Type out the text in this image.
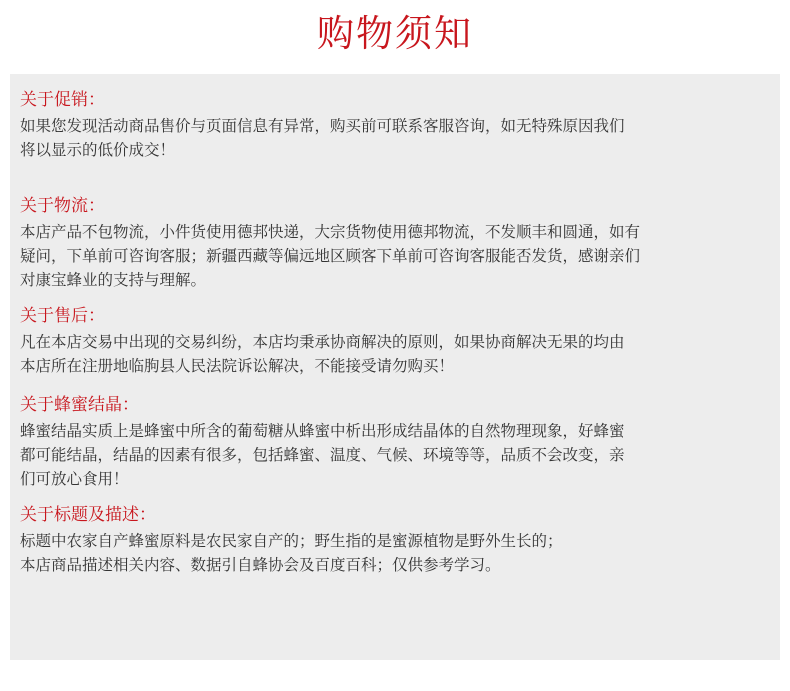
购物须知
关于促销：
如果您发现活动商品售价与页面信息有异常，购买前可联系客服咨询，如无特殊原因我们
将以显示的低价成交！
关于物流：
本店产品不包物流，小件货使用德邦快递，大宗货物使用德邦物流，不发顺丰和圆通，如有
疑问，下单前可咨询客服；新疆西藏等偏远地区顾客下单前可咨询客服能否发货，感谢亲们
对康宝蜂业的支持与理解。
关于售后：
凡在本店交易中出现的交易纠纷，本店均秉承协商解决的原则，如果协商解决无果的均由
本店所在注册地临朐县人民法院诉讼解决，不能接受请勿购买！
关于蜂蜜结晶：
蜂蜜结晶实质上是蜂蜜中所含的葡萄糖从蜂蜜中析出形成结晶体的自然物理现象，好蜂蜜
都可能结晶，结晶的因素有很多，包括蜂蜜、温度、气候、环境等等，品质不会改变，亲
们可放心食用！
关于标题及描述：
标题中农家自产蜂蜜原料是农民家自产的；野生指的是蜜源植物是野外生长的；
本店商品描述相关内容、数据引自蜂协会及百度百科；仅供参考学习。
